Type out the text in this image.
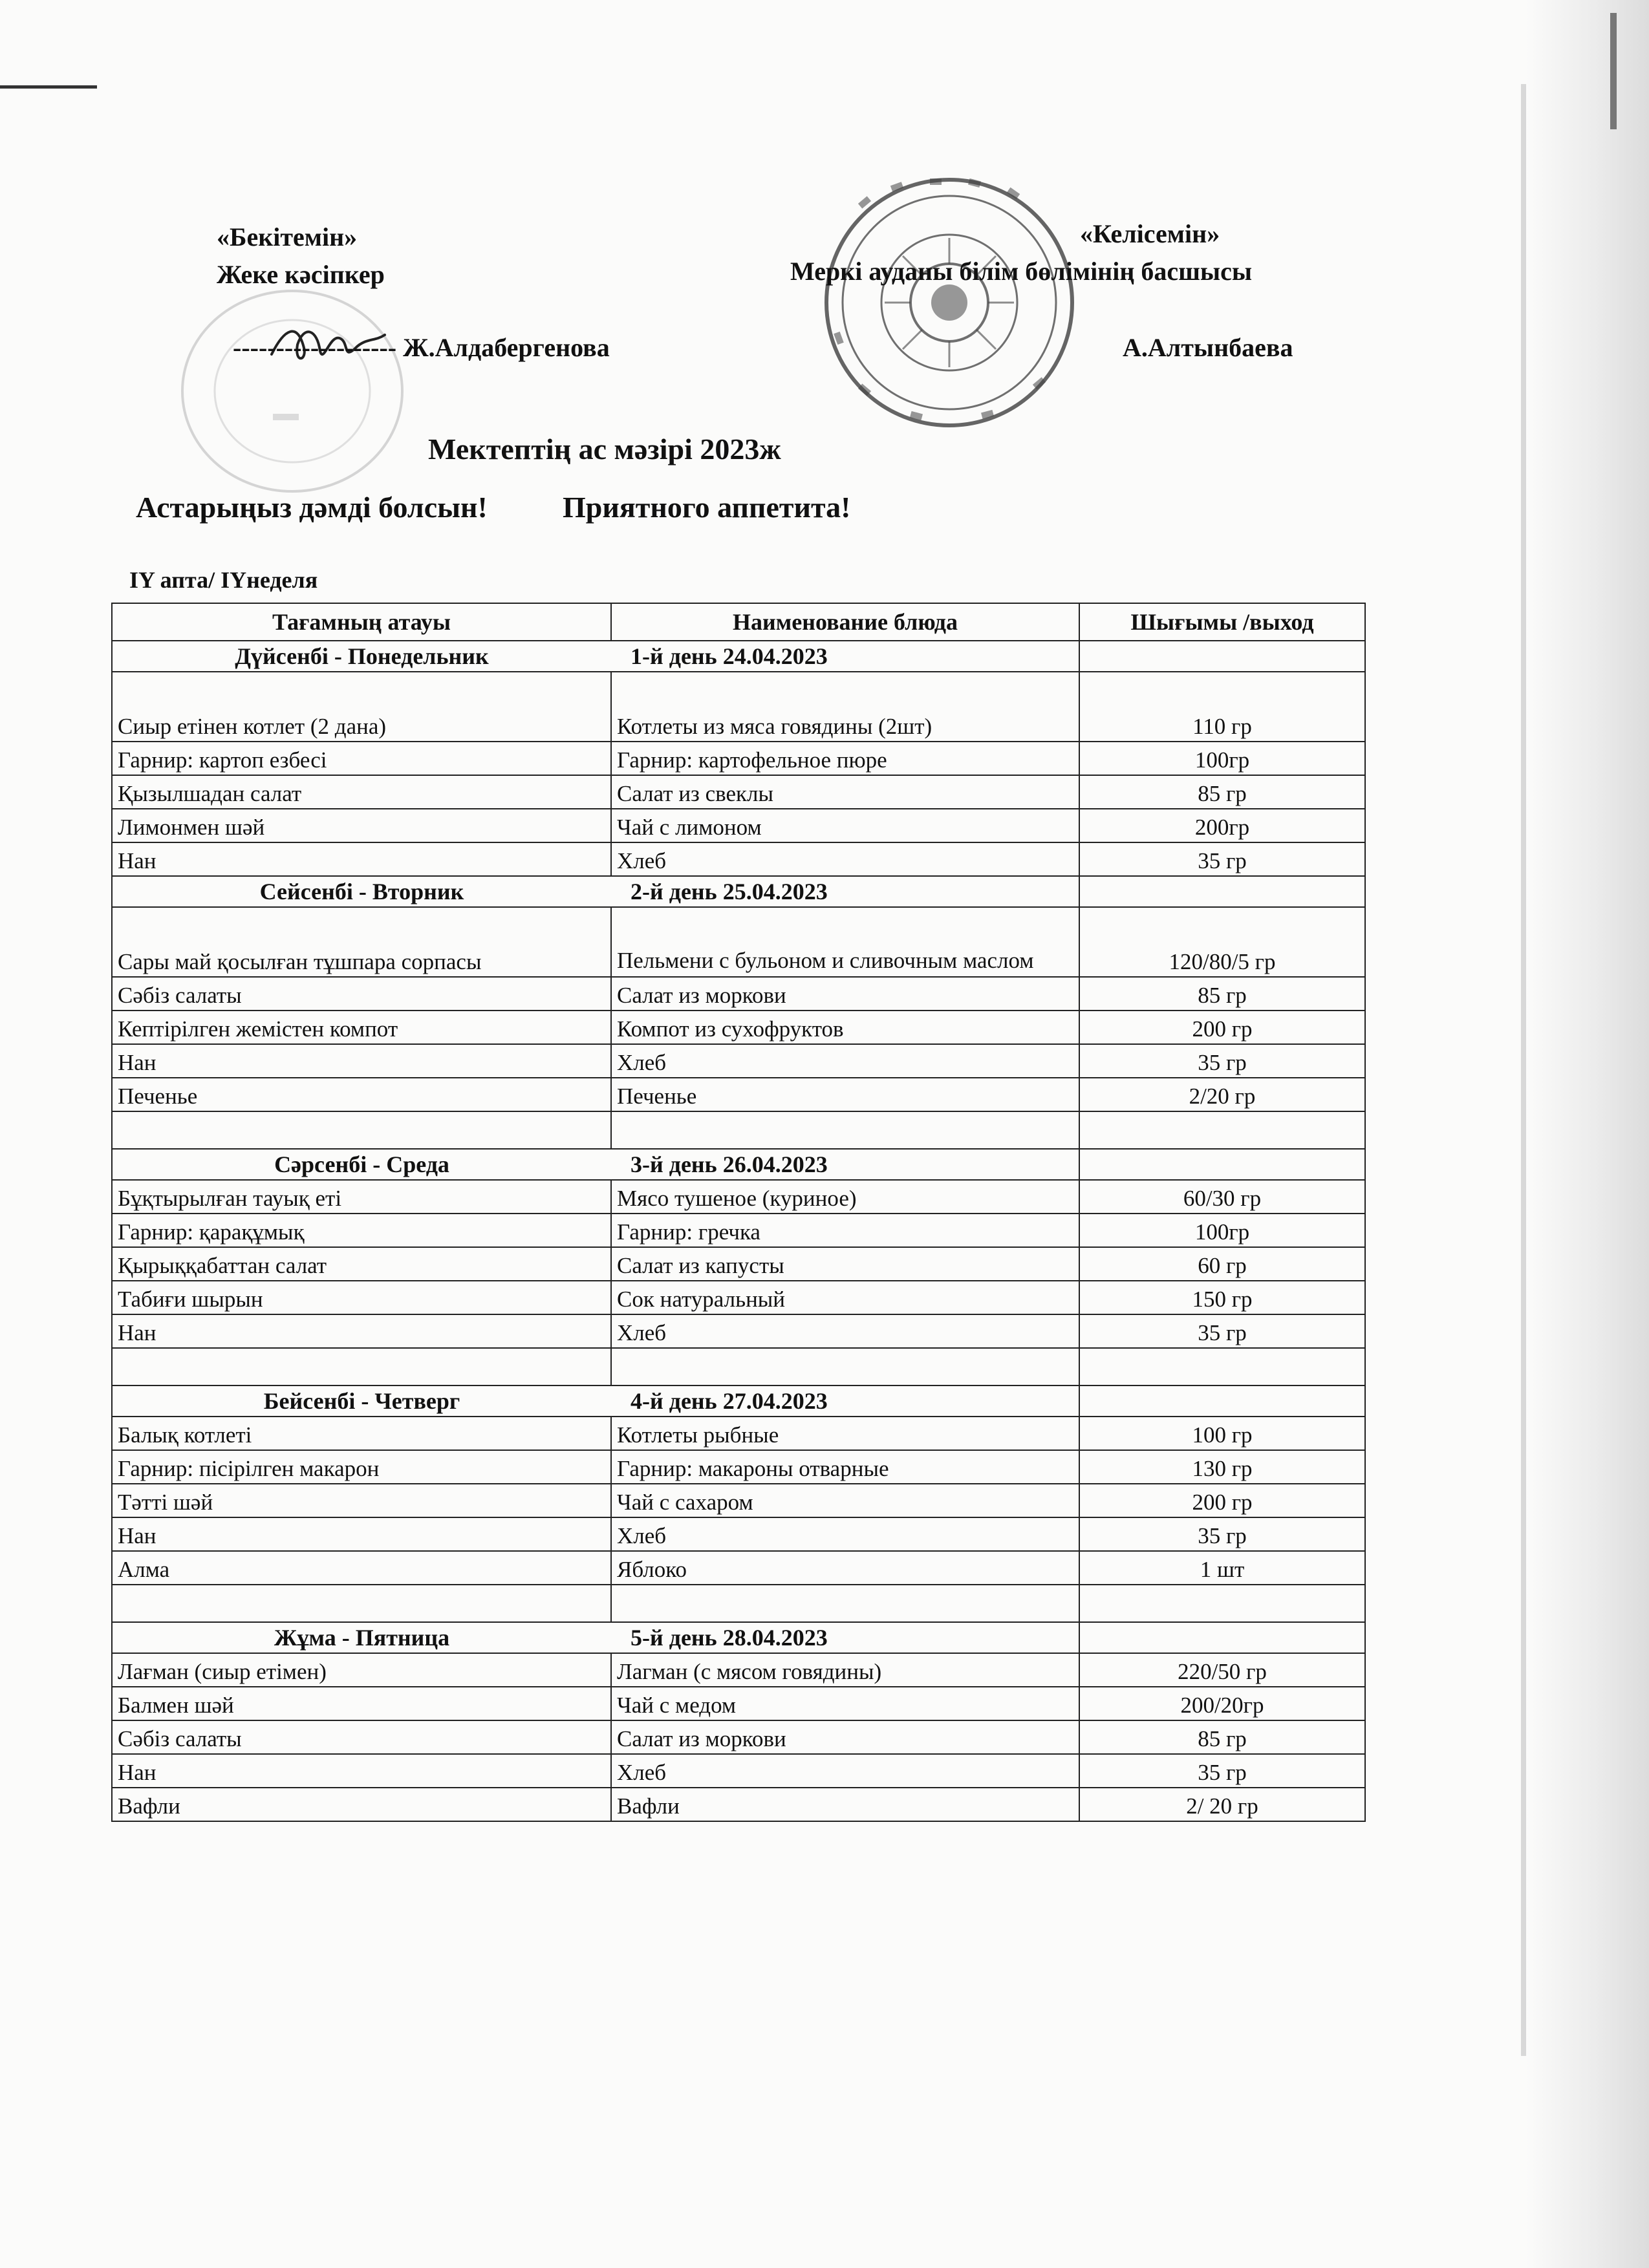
«Бекітемін»
Жеке кәсіпкер
------------------- Ж.Алдабергенова
«Келісемін»
Меркі ауданы білім бөлімінің басшысы
А.Алтынбаева
Мектептің ас мәзірі 2023ж
Астарыңыз дәмді болсын!	Приятного аппетита!
IY апта/ IYнеделя
Тағамның атауы	Наименование блюда	Шығымы /выход
Дүйсенбі - Понедельник	1-й день 24.04.2023	
Сиыр етінен котлет (2 дана)	Котлеты из мяса говядины (2шт)	110 гр
Гарнир: картоп езбесі	Гарнир: картофельное пюре	100гр
Қызылшадан салат	Салат из свеклы	85 гр
Лимонмен шәй	Чай с лимоном	200гр
Нан	Хлеб	35 гр
Сейсенбі - Вторник	2-й день 25.04.2023	
Сары май қосылған тұшпара сорпасы	Пельмени с бульоном и сливочным маслом	120/80/5 гр
Сәбіз салаты	Салат из моркови	85 гр
Кептірілген жемістен компот	Компот из сухофруктов	200 гр
Нан	Хлеб	35 гр
Печенье	Печенье	2/20 гр

Сәрсенбі - Среда	3-й день 26.04.2023	
Бұқтырылған тауық еті	Мясо тушеное (куриное)	60/30 гр
Гарнир: қарақұмық	Гарнир: гречка	100гр
Қырыққабаттан салат	Салат из капусты	60 гр
Табиғи шырын	Сок натуральный	150 гр
Нан	Хлеб	35 гр

Бейсенбі - Четверг	4-й день 27.04.2023	
Балық котлеті	Котлеты рыбные	100 гр
Гарнир: пісірілген макарон	Гарнир: макароны отварные	130 гр
Тәтті шәй	Чай с сахаром	200 гр
Нан	Хлеб	35 гр
Алма	Яблоко	1 шт

Жұма - Пятница	5-й день 28.04.2023	
Лағман (сиыр етімен)	Лагман (с мясом говядины)	220/50 гр
Балмен шәй	Чай с медом	200/20гр
Сәбіз салаты	Салат из моркови	85 гр
Нан	Хлеб	35 гр
Вафли	Вафли	2/ 20 гр
